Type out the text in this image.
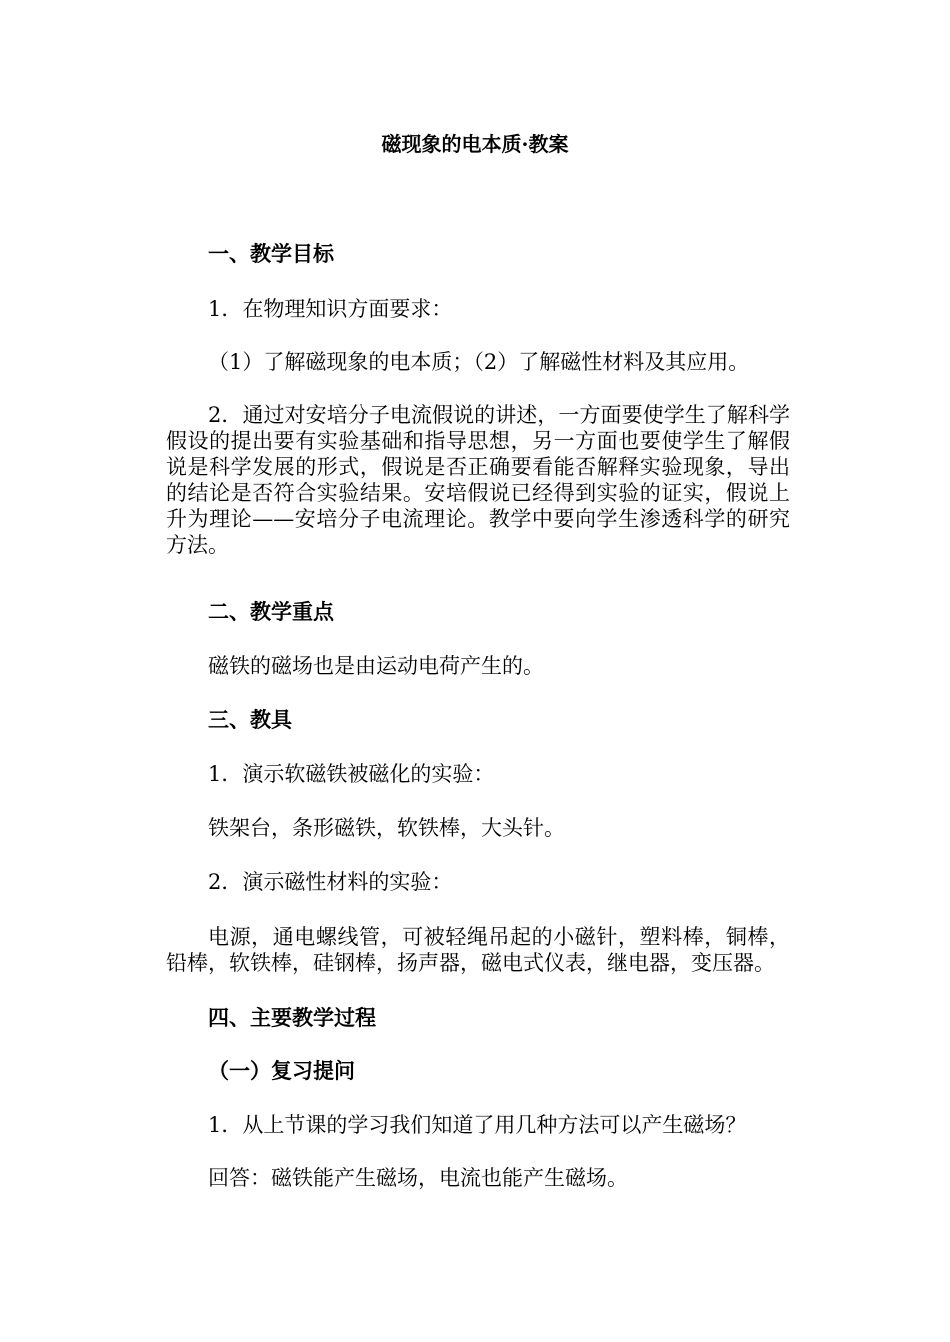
磁现象的电本质·教案

一、教学目标

1．在物理知识方面要求：

（1）了解磁现象的电本质；（2）了解磁性材料及其应用。

2．通过对安培分子电流假说的讲述，一方面要使学生了解科学假设的提出要有实验基础和指导思想，另一方面也要使学生了解假说是科学发展的形式，假说是否正确要看能否解释实验现象，导出的结论是否符合实验结果。安培假说已经得到实验的证实，假说上升为理论——安培分子电流理论。教学中要向学生渗透科学的研究方法。

二、教学重点

磁铁的磁场也是由运动电荷产生的。

三、教具

1．演示软磁铁被磁化的实验：

铁架台，条形磁铁，软铁棒，大头针。

2．演示磁性材料的实验：

电源，通电螺线管，可被轻绳吊起的小磁针，塑料棒，铜棒，铅棒，软铁棒，硅钢棒，扬声器，磁电式仪表，继电器，变压器。

四、主要教学过程

（一）复习提问

1．从上节课的学习我们知道了用几种方法可以产生磁场？

回答：磁铁能产生磁场，电流也能产生磁场。
